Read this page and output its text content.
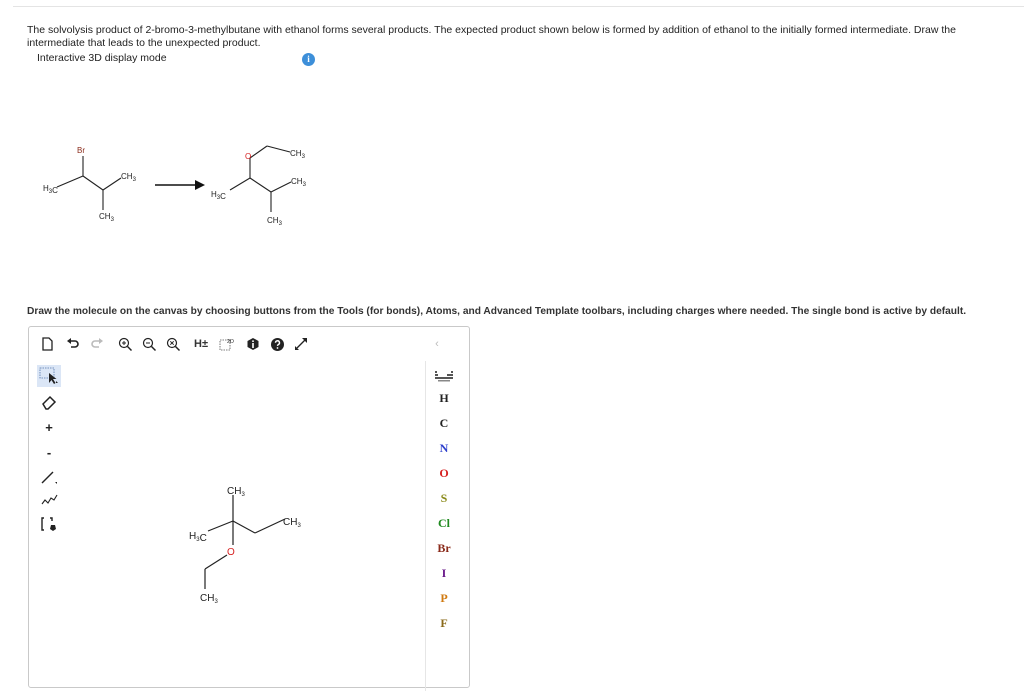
The solvolysis product of 2-bromo-3-methylbutane with ethanol forms several products. The expected product shown below is formed by addition of ethanol to the initially formed intermediate. Draw the intermediate that leads to the unexpected product.
Interactive 3D display mode	i
Br
$CH_3$
$H_3C$
$CH_3$
O	$CH_3$
$CH_3$
$H_3C$
$CH_3$
Draw the molecule on the canvas by choosing buttons from the Tools (for bonds), Atoms, and Advanced Template toolbars, including charges where needed. The single bond is active by default.
H±	2D	‹
+
-
$CH_3$
$CH_3$
$H_3C$
O
$CH_3$
H
C
N
O
S
Cl
Br
I
P
F
